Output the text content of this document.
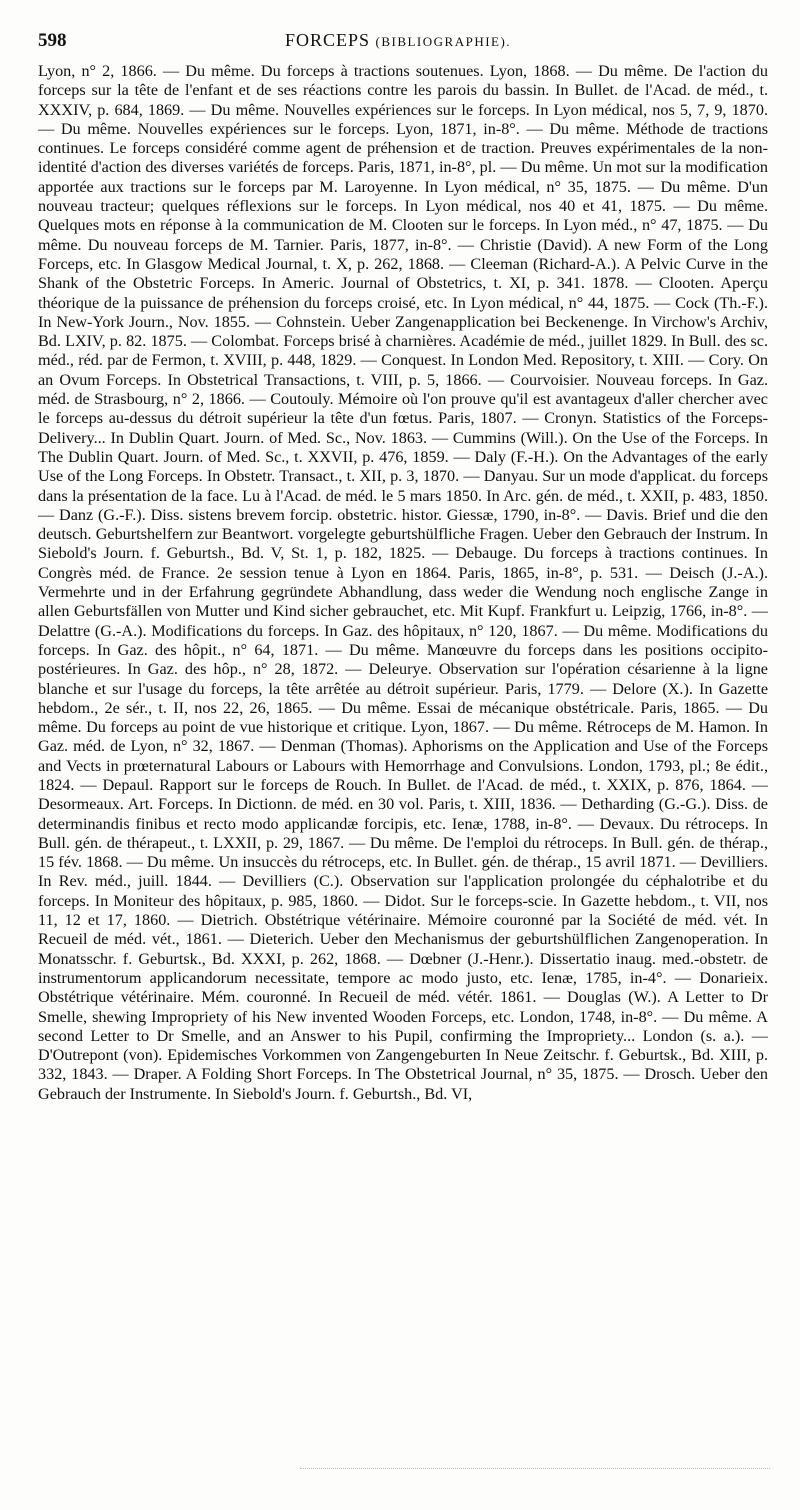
598	FORCEPS (BIBLIOGRAPHIE).
Lyon, n° 2, 1866. — Du même. Du forceps à tractions soutenues. Lyon, 1868. — Du même. De l'action du forceps sur la tête de l'enfant et de ses réactions contre les parois du bassin. In Bullet. de l'Acad. de méd., t. XXXIV, p. 684, 1869. — Du même. Nouvelles expériences sur le forceps. In Lyon médical, nos 5, 7, 9, 1870. — Du même. Nouvelles expériences sur le forceps. Lyon, 1871, in-8°. — Du même. Méthode de tractions continues. Le forceps considéré comme agent de préhension et de traction. Preuves expérimentales de la non-identité d'action des diverses variétés de forceps. Paris, 1871, in-8°, pl. — Du même. Un mot sur la modification apportée aux tractions sur le forceps par M. Laroyenne. In Lyon médical, n° 35, 1875. — Du même. D'un nouveau tracteur; quelques réflexions sur le forceps. In Lyon médical, nos 40 et 41, 1875. — Du même. Quelques mots en réponse à la communication de M. Clooten sur le forceps. In Lyon méd., n° 47, 1875. — Du même. Du nouveau forceps de M. Tarnier. Paris, 1877, in-8°. — Christie (David). A new Form of the Long Forceps, etc. In Glasgow Medical Journal, t. X, p. 262, 1868. — Cleeman (Richard-A.). A Pelvic Curve in the Shank of the Obstetric Forceps. In Americ. Journal of Obstetrics, t. XI, p. 341. 1878. — Clooten. Aperçu théorique de la puissance de préhension du forceps croisé, etc. In Lyon médical, n° 44, 1875. — Cock (Th.-F.). In New-York Journ., Nov. 1855. — Cohnstein. Ueber Zangenapplication bei Beckenenge. In Virchow's Archiv, Bd. LXIV, p. 82. 1875. — Colombat. Forceps brisé à charnières. Académie de méd., juillet 1829. In Bull. des sc. méd., réd. par de Fermon, t. XVIII, p. 448, 1829. — Conquest. In London Med. Repository, t. XIII. — Cory. On an Ovum Forceps. In Obstetrical Transactions, t. VIII, p. 5, 1866. — Courvoisier. Nouveau forceps. In Gaz. méd. de Strasbourg, n° 2, 1866. — Coutouly. Mémoire où l'on prouve qu'il est avantageux d'aller chercher avec le forceps au-dessus du détroit supérieur la tête d'un fœtus. Paris, 1807. — Cronyn. Statistics of the Forceps-Delivery... In Dublin Quart. Journ. of Med. Sc., Nov. 1863. — Cummins (Will.). On the Use of the Forceps. In The Dublin Quart. Journ. of Med. Sc., t. XXVII, p. 476, 1859. — Daly (F.-H.). On the Advantages of the early Use of the Long Forceps. In Obstetr. Transact., t. XII, p. 3, 1870. — Danyau. Sur un mode d'applicat. du forceps dans la présentation de la face. Lu à l'Acad. de méd. le 5 mars 1850. In Arc. gén. de méd., t. XXII, p. 483, 1850. — Danz (G.-F.). Diss. sistens brevem forcip. obstetric. histor. Giessæ, 1790, in-8°. — Davis. Brief und die den deutsch. Geburtshelfern zur Beantwort. vorgelegte geburtshülfliche Fragen. Ueber den Gebrauch der Instrum. In Siebold's Journ. f. Geburtsh., Bd. V, St. 1, p. 182, 1825. — Debauge. Du forceps à tractions continues. In Congrès méd. de France. 2e session tenue à Lyon en 1864. Paris, 1865, in-8°, p. 531. — Deisch (J.-A.). Vermehrte und in der Erfahrung gegründete Abhandlung, dass weder die Wendung noch englische Zange in allen Geburtsfällen von Mutter und Kind sicher gebrauchet, etc. Mit Kupf. Frankfurt u. Leipzig, 1766, in-8°. — Delattre (G.-A.). Modifications du forceps. In Gaz. des hôpitaux, n° 120, 1867. — Du même. Modifications du forceps. In Gaz. des hôpit., n° 64, 1871. — Du même. Manœuvre du forceps dans les positions occipito-postérieures. In Gaz. des hôp., n° 28, 1872. — Deleurye. Observation sur l'opération césarienne à la ligne blanche et sur l'usage du forceps, la tête arrêtée au détroit supérieur. Paris, 1779. — Delore (X.). In Gazette hebdom., 2e sér., t. II, nos 22, 26, 1865. — Du même. Essai de mécanique obstétricale. Paris, 1865. — Du même. Du forceps au point de vue historique et critique. Lyon, 1867. — Du même. Rétroceps de M. Hamon. In Gaz. méd. de Lyon, n° 32, 1867. — Denman (Thomas). Aphorisms on the Application and Use of the Forceps and Vects in prœternatural Labours or Labours with Hemorrhage and Convulsions. London, 1793, pl.; 8e édit., 1824. — Depaul. Rapport sur le forceps de Rouch. In Bullet. de l'Acad. de méd., t. XXIX, p. 876, 1864. — Desormeaux. Art. Forceps. In Dictionn. de méd. en 30 vol. Paris, t. XIII, 1836. — Detharding (G.-G.). Diss. de determinandis finibus et recto modo applicandæ forcipis, etc. Ienæ, 1788, in-8°. — Devaux. Du rétroceps. In Bull. gén. de thérapeut., t. LXXII, p. 29, 1867. — Du même. De l'emploi du rétroceps. In Bull. gén. de thérap., 15 fév. 1868. — Du même. Un insuccès du rétroceps, etc. In Bullet. gén. de thérap., 15 avril 1871. — Devilliers. In Rev. méd., juill. 1844. — Devilliers (C.). Observation sur l'application prolongée du céphalotribe et du forceps. In Moniteur des hôpitaux, p. 985, 1860. — Didot. Sur le forceps-scie. In Gazette hebdom., t. VII, nos 11, 12 et 17, 1860. — Dietrich. Obstétrique vétérinaire. Mémoire couronné par la Société de méd. vét. In Recueil de méd. vét., 1861. — Dieterich. Ueber den Mechanismus der geburtshülflichen Zangenoperation. In Monatsschr. f. Geburtsk., Bd. XXXI, p. 262, 1868. — Dœbner (J.-Henr.). Dissertatio inaug. med.-obstetr. de instrumentorum applicandorum necessitate, tempore ac modo justo, etc. Ienæ, 1785, in-4°. — Donarieix. Obstétrique vétérinaire. Mém. couronné. In Recueil de méd. vétér. 1861. — Douglas (W.). A Letter to Dr Smelle, shewing Impropriety of his New invented Wooden Forceps, etc. London, 1748, in-8°. — Du même. A second Letter to Dr Smelle, and an Answer to his Pupil, confirming the Impropriety... London (s. a.). — D'Outrepont (von). Epidemisches Vorkommen von Zangengeburten In Neue Zeitschr. f. Geburtsk., Bd. XIII, p. 332, 1843. — Draper. A Folding Short Forceps. In The Obstetrical Journal, n° 35, 1875. — Drosch. Ueber den Gebrauch der Instrumente. In Siebold's Journ. f. Geburtsh., Bd. VI,
